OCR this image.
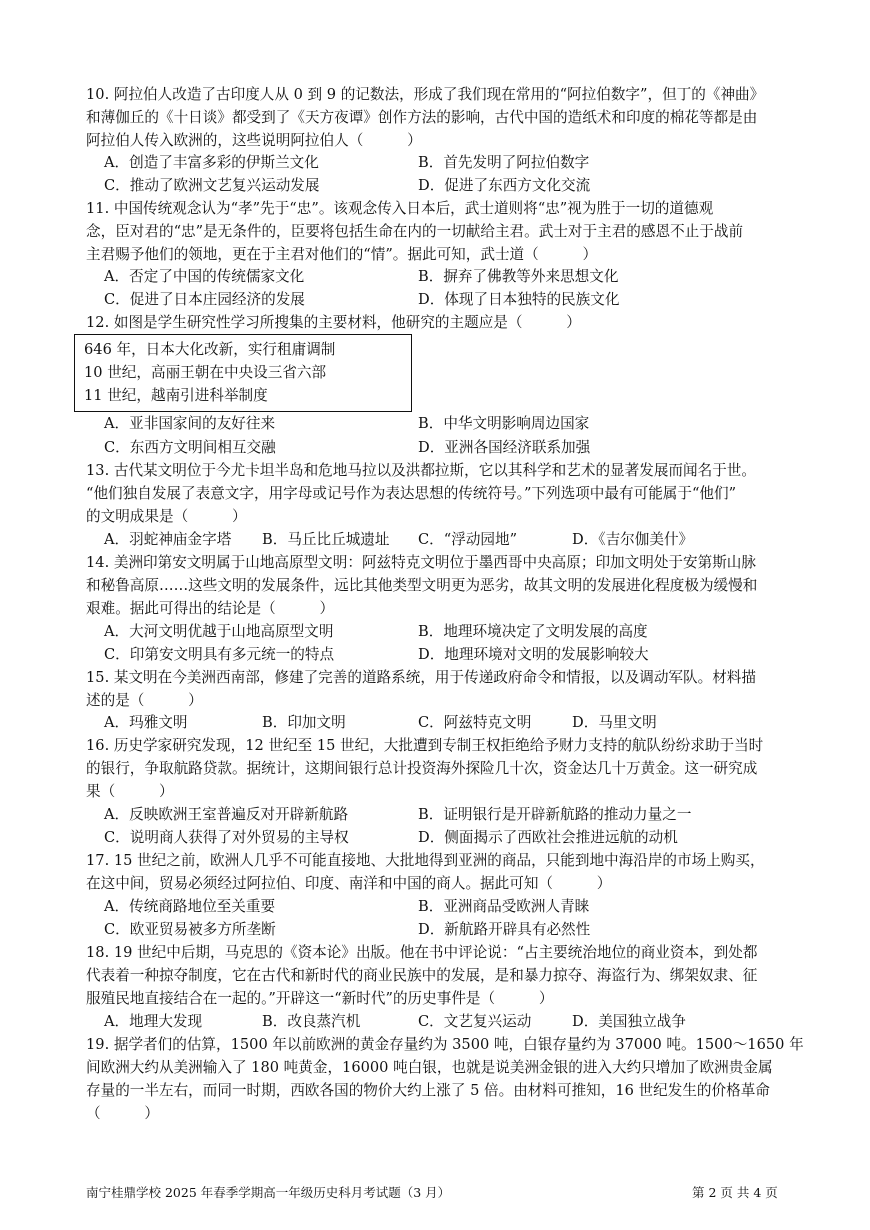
10. 阿拉伯人改造了古印度人从 0 到 9 的记数法，形成了我们现在常用的“阿拉伯数字”，但丁的《神曲》
和薄伽丘的《十日谈》都受到了《天方夜谭》创作方法的影响，古代中国的造纸术和印度的棉花等都是由
阿拉伯人传入欧洲的，这些说明阿拉伯人（　　　）
A．创造了丰富多彩的伊斯兰文化	B．首先发明了阿拉伯数字
C．推动了欧洲文艺复兴运动发展	D．促进了东西方文化交流
11. 中国传统观念认为“孝”先于“忠”。该观念传入日本后，武士道则将“忠”视为胜于一切的道德观
念，臣对君的“忠”是无条件的，臣要将包括生命在内的一切献给主君。武士对于主君的感恩不止于战前
主君赐予他们的领地，更在于主君对他们的“情”。据此可知，武士道（　　　）
A．否定了中国的传统儒家文化	B．摒弃了佛教等外来思想文化
C．促进了日本庄园经济的发展	D．体现了日本独特的民族文化
12. 如图是学生研究性学习所搜集的主要材料，他研究的主题应是（　　　）
646 年，日本大化改新，实行租庸调制
10 世纪，高丽王朝在中央设三省六部
11 世纪，越南引进科举制度
A．亚非国家间的友好往来	B．中华文明影响周边国家
C．东西方文明间相互交融	D．亚洲各国经济联系加强
13. 古代某文明位于今尤卡坦半岛和危地马拉以及洪都拉斯，它以其科学和艺术的显著发展而闻名于世。
“他们独自发展了表意文字，用字母或记号作为表达思想的传统符号。”下列选项中最有可能属于“他们”
的文明成果是（　　　）
A．羽蛇神庙金字塔 B．马丘比丘城遗址 C．“浮动园地”	D．《吉尔伽美什》
14. 美洲印第安文明属于山地高原型文明：阿兹特克文明位于墨西哥中央高原；印加文明处于安第斯山脉
和秘鲁高原……这些文明的发展条件，远比其他类型文明更为恶劣，故其文明的发展进化程度极为缓慢和
艰难。据此可得出的结论是（　　　）
A．大河文明优越于山地高原型文明	B．地理环境决定了文明发展的高度
C．印第安文明具有多元统一的特点	D．地理环境对文明的发展影响较大
15. 某文明在今美洲西南部，修建了完善的道路系统，用于传递政府命令和情报，以及调动军队。材料描
述的是（　　　）
A．玛雅文明	B．印加文明	C．阿兹特克文明	D．马里文明
16. 历史学家研究发现，12 世纪至 15 世纪，大批遭到专制王权拒绝给予财力支持的航队纷纷求助于当时
的银行，争取航路贷款。据统计，这期间银行总计投资海外探险几十次，资金达几十万黄金。这一研究成
果（　　　）
A．反映欧洲王室普遍反对开辟新航路	B．证明银行是开辟新航路的推动力量之一
C．说明商人获得了对外贸易的主导权	D．侧面揭示了西欧社会推进远航的动机
17. 15 世纪之前，欧洲人几乎不可能直接地、大批地得到亚洲的商品，只能到地中海沿岸的市场上购买，
在这中间，贸易必须经过阿拉伯、印度、南洋和中国的商人。据此可知（　　　）
A．传统商路地位至关重要	B．亚洲商品受欧洲人青睐
C．欧亚贸易被多方所垄断	D．新航路开辟具有必然性
18. 19 世纪中后期，马克思的《资本论》出版。他在书中评论说：“占主要统治地位的商业资本，到处都
代表着一种掠夺制度，它在古代和新时代的商业民族中的发展，是和暴力掠夺、海盗行为、绑架奴隶、征
服殖民地直接结合在一起的。”开辟这一“新时代”的历史事件是（　　　）
A．地理大发现	B．改良蒸汽机	C．文艺复兴运动	D．美国独立战争
19. 据学者们的估算，1500 年以前欧洲的黄金存量约为 3500 吨，白银存量约为 37000 吨。1500～1650 年
间欧洲大约从美洲输入了 180 吨黄金，16000 吨白银，也就是说美洲金银的进入大约只增加了欧洲贵金属
存量的一半左右，而同一时期，西欧各国的物价大约上涨了 5 倍。由材料可推知，16 世纪发生的价格革命
（　　　）
南宁桂鼎学校 2025 年春季学期高一年级历史科月考试题（3 月）	第 2 页 共 4 页
